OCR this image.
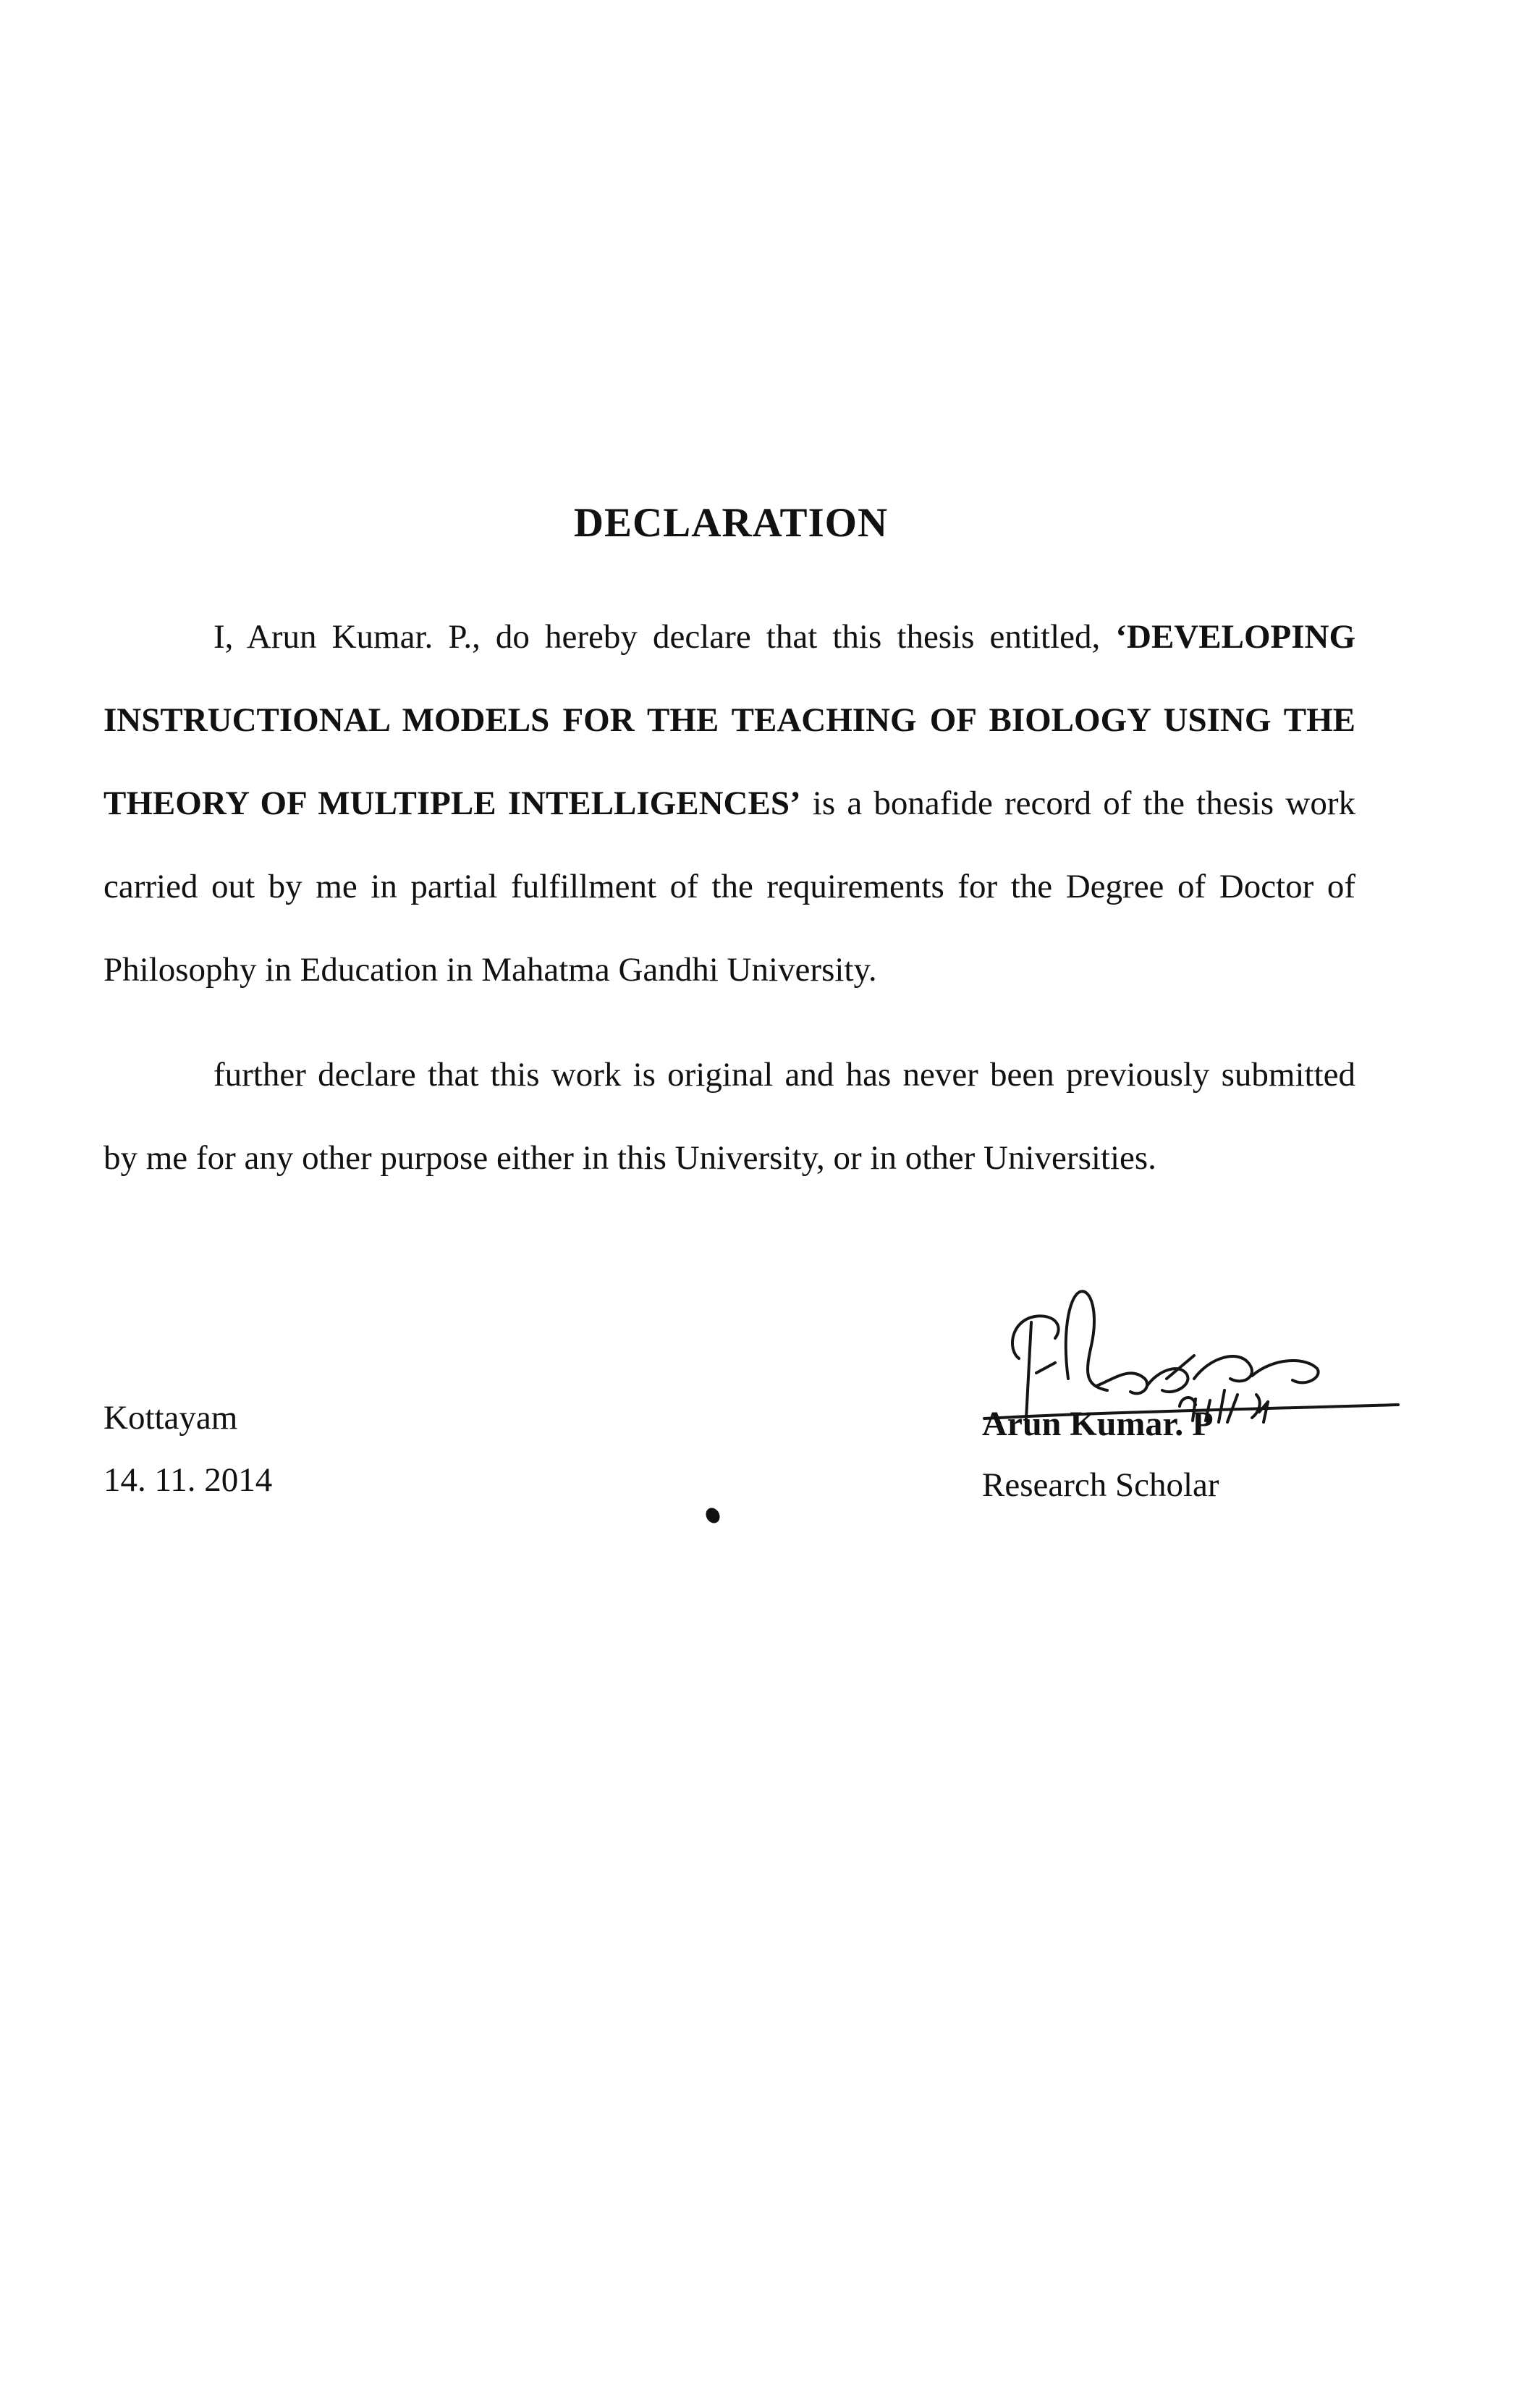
DECLARATION

I, Arun Kumar. P., do hereby declare that this thesis entitled, ‘DEVELOPING INSTRUCTIONAL MODELS FOR THE TEACHING OF BIOLOGY USING THE THEORY OF MULTIPLE INTELLIGENCES’ is a bonafide record of the thesis work carried out by me in partial fulfillment of the requirements for the Degree of Doctor of Philosophy in Education in Mahatma Gandhi University.

further declare that this work is original and has never been previously submitted by me for any other purpose either in this University, or in other Universities.

Kottayam

14. 11. 2014

Arun Kumar. P

Research Scholar
